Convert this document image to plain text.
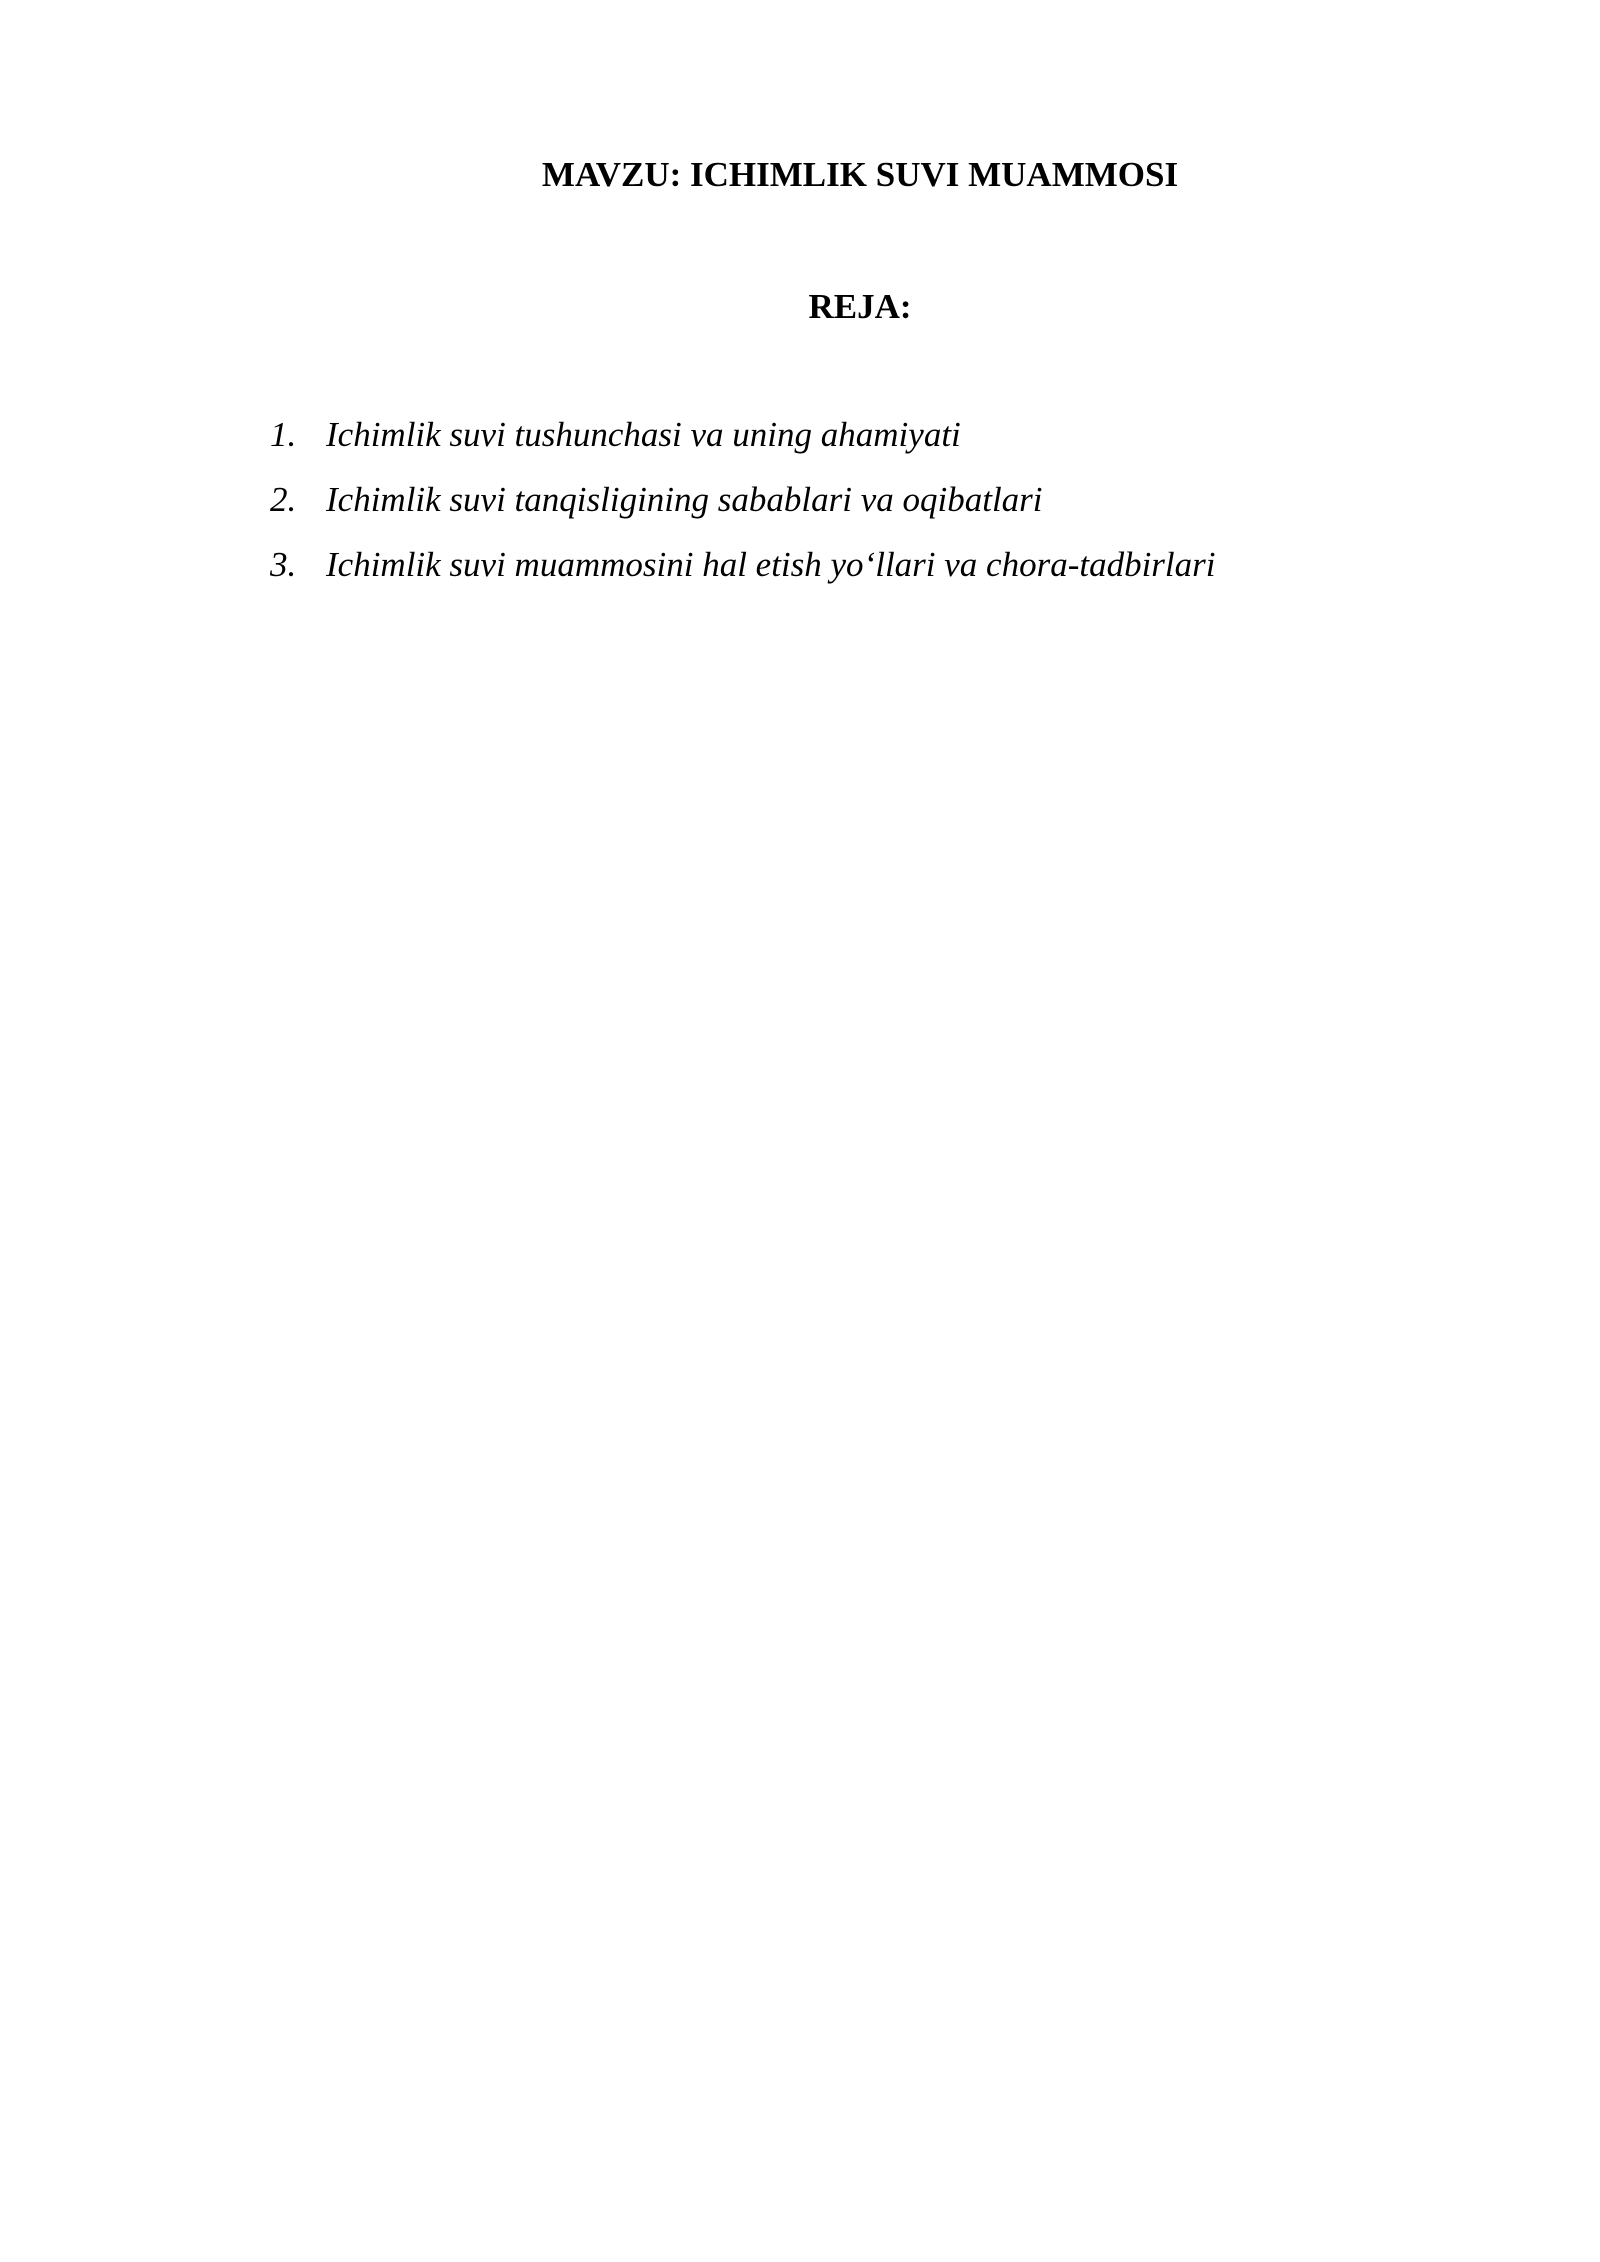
MAVZU: ICHIMLIK SUVI MUAMMOSI
REJA:
1. Ichimlik suvi tushunchasi va uning ahamiyati
2. Ichimlik suvi tanqisligining sabablari va oqibatlari
3. Ichimlik suvi muammosini hal etish yo‘llari va chora-tadbirlari
